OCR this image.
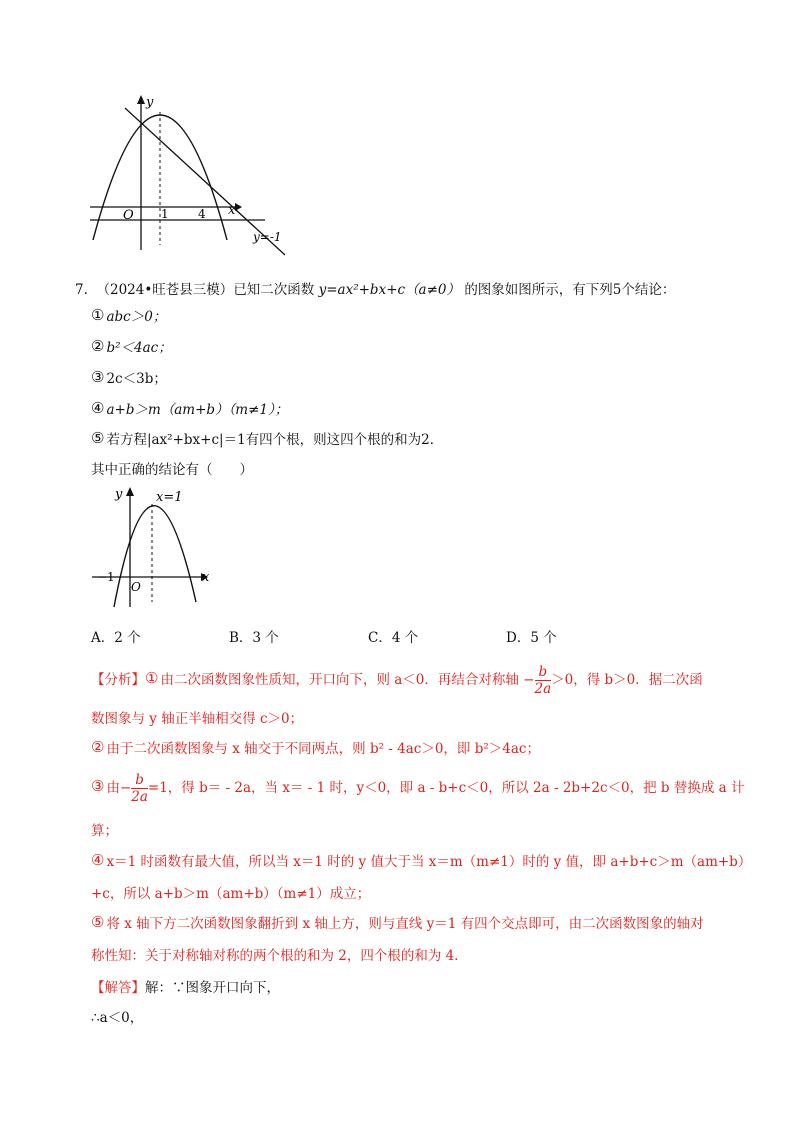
y
x
O 1 4
y=-1
7. （2024•旺苍县三模）已知二次函数 y=ax²+bx+c（a≠0） 的图象如图所示，有下列5个结论：
① abc＞0；
② b²＜4ac；
③ 2c＜3b；
④ a+b＞m（am+b）（m≠1）；
⑤ 若方程|ax²+bx+c|＝1有四个根，则这四个根的和为2．
其中正确的结论有（　　）
y
x
O
−1
x=1
A．2 个	B．3 个	C．4 个	D．5 个
【分析】① 由二次函数图象性质知，开口向下，则 a＜0．再结合对称轴 − $\frac{b}{2a} >0$，得 b＞0．据二次函
数图象与 y 轴正半轴相交得 c＞0；
② 由于二次函数图象与 x 轴交于不同两点，则 b² - 4ac＞0，即 b²＞4ac；
③ 由− $\frac{b}{2a} =1$，得 b＝ - 2a，当 x＝ - 1 时，y＜0，即 a - b+c＜0，所以 2a - 2b+2c＜0，把 b 替换成 a 计
算；
④ x＝1 时函数有最大值，所以当 x＝1 时的 y 值大于当 x＝m（m≠1）时的 y 值，即 a+b+c＞m（am+b）
+c，所以 a+b＞m（am+b）（m≠1）成立；
⑤ 将 x 轴下方二次函数图象翻折到 x 轴上方，则与直线 y＝1 有四个交点即可，由二次函数图象的轴对
称性知：关于对称轴对称的两个根的和为 2，四个根的和为 4．
【解答】解：∵图象开口向下，
∴a＜0，
